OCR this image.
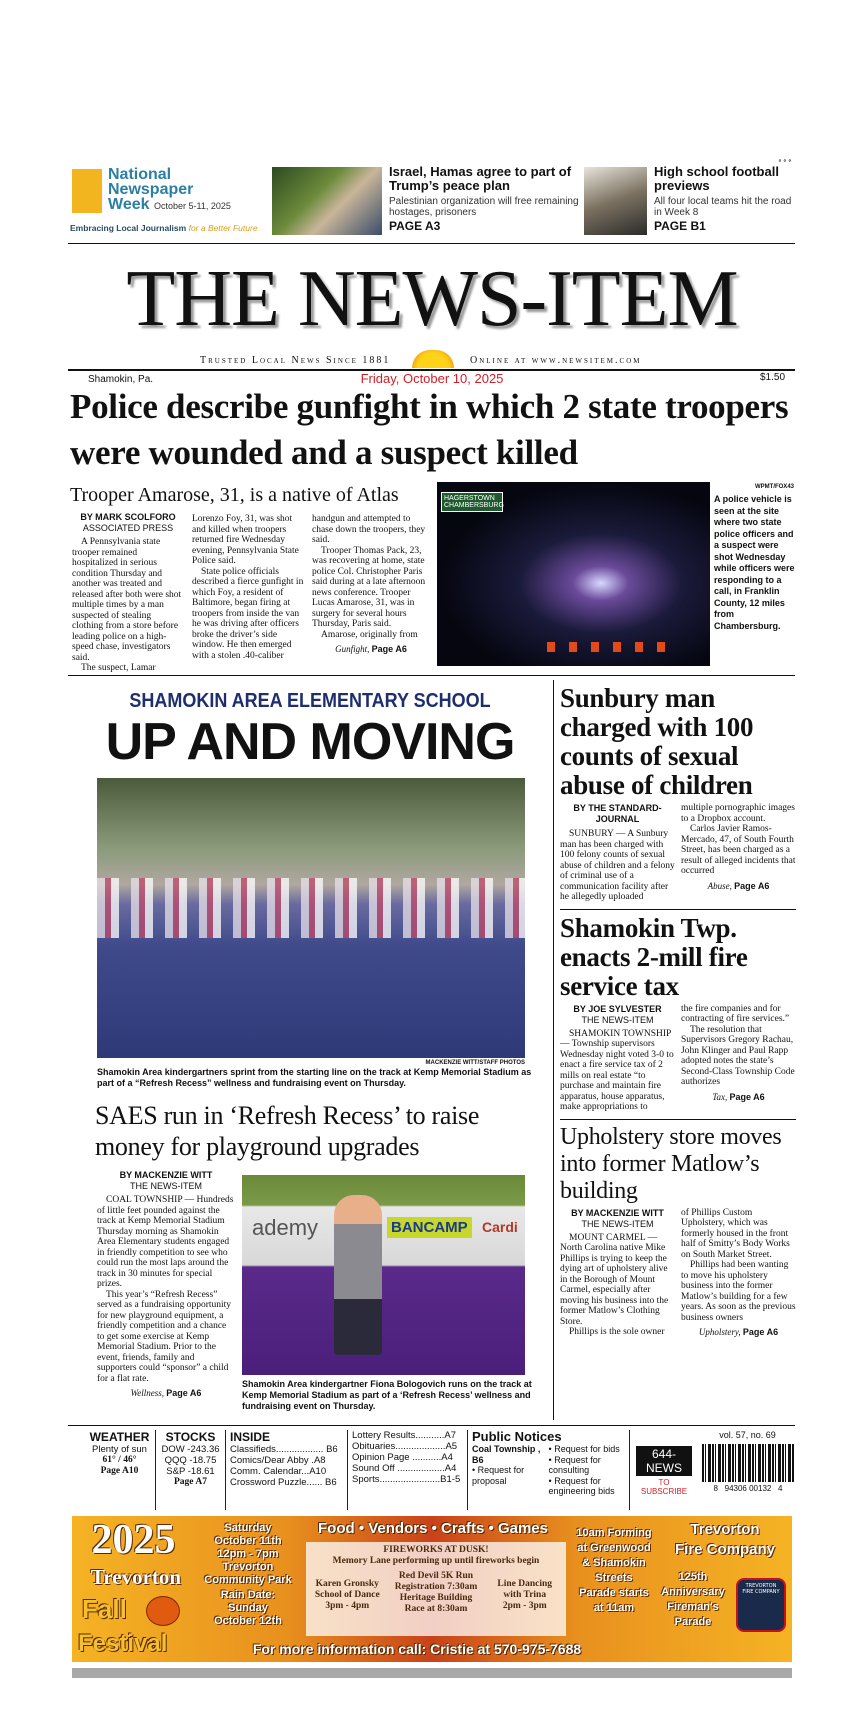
National
Newspaper
Week October 5-11, 2025
Embracing Local Journalism for a Better Future
Israel, Hamas agree to part of Trump’s peace plan
Palestinian organization will free remaining hostages, prisoners
PAGE A3
High school football previews
All four local teams hit the road in Week 8
PAGE B1
∘∘∘
THE NEWS-ITEM
Trusted Local News Since 1881	Online at www.newsitem.com
Shamokin, Pa.	Friday, October 10, 2025	$1.50
Police describe gunfight in which 2 state troopers were wounded and a suspect killed
Trooper Amarose, 31, is a native of Atlas
BY MARK SCOLFORO
ASSOCIATED PRESS

A Pennsylvania state trooper remained hospitalized in serious condition Thursday and another was treated and released after both were shot multiple times by a man suspected of stealing clothing from a store before leading police on a high-speed chase, investigators said.

The suspect, Lamar

Lorenzo Foy, 31, was shot and killed when troopers returned fire Wednesday evening, Pennsylvania State Police said.

State police officials described a fierce gunfight in which Foy, a resident of Baltimore, began firing at troopers from inside the van he was driving after officers broke the driver’s side window. He then emerged with a stolen .40-caliber

handgun and attempted to chase down the troopers, they said.

Trooper Thomas Pack, 23, was recovering at home, state police Col. Christopher Paris said during at a late afternoon news conference. Trooper Lucas Amarose, 31, was in surgery for several hours Thursday, Paris said.

Amarose, originally from

Gunfight, Page A6
HAGERSTOWN CHAMBERSBURG
WPMT/FOX43
A police vehicle is seen at the site where two state police officers and a suspect were shot Wednesday while officers were responding to a call, in Franklin County, 12 miles from Chambersburg.
SHAMOKIN AREA ELEMENTARY SCHOOL
UP AND MOVING
MACKENZIE WITT/STAFF PHOTOS
Shamokin Area kindergartners sprint from the starting line on the track at Kemp Memorial Stadium as part of a “Refresh Recess” wellness and fundraising event on Thursday.
SAES run in ‘Refresh Recess’ to raise money for playground upgrades
BY MACKENZIE WITT
THE NEWS-ITEM

COAL TOWNSHIP — Hundreds of little feet pounded against the track at Kemp Memorial Stadium Thursday morning as Shamokin Area Elementary students engaged in friendly competition to see who could run the most laps around the track in 30 minutes for special prizes.

This year’s “Refresh Recess” served as a fundraising opportunity for new playground equipment, a friendly competition and a chance to get some exercise at Kemp Memorial Stadium. Prior to the event, friends, family and supporters could “sponsor” a child for a flat rate.

Wellness, Page A6
ademy	BANCAMP Cardi
Shamokin Area kindergartner Fiona Bologovich runs on the track at Kemp Memorial Stadium as part of a ‘Refresh Recess’ wellness and fundraising event on Thursday.
Sunbury man charged with 100 counts of sexual abuse of children
BY THE STANDARD-JOURNAL

SUNBURY — A Sunbury man has been charged with 100 felony counts of sexual abuse of children and a felony of criminal use of a communication facility after he allegedly uploaded

multiple pornographic images to a Dropbox account.

Carlos Javier Ramos-Mercado, 47, of South Fourth Street, has been charged as a result of alleged incidents that occurred

Abuse, Page A6
Shamokin Twp. enacts 2-mill fire service tax
BY JOE SYLVESTER
THE NEWS-ITEM

SHAMOKIN TOWNSHIP — Township supervisors Wednesday night voted 3-0 to enact a fire service tax of 2 mills on real estate “to purchase and maintain fire apparatus, house apparatus, make appropriations to

the fire companies and for contracting of fire services.”

The resolution that Supervisors Gregory Rachau, John Klinger and Paul Rapp adopted notes the state’s Second-Class Township Code authorizes

Tax, Page A6
Upholstery store moves into former Matlow’s building
BY MACKENZIE WITT
THE NEWS-ITEM

MOUNT CARMEL — North Carolina native Mike Phillips is trying to keep the dying art of upholstery alive in the Borough of Mount Carmel, especially after moving his business into the former Matlow’s Clothing Store.

Phillips is the sole owner

of Phillips Custom Upholstery, which was formerly housed in the front half of Smitty’s Body Works on South Market Street.

Phillips had been wanting to move his upholstery business into the former Matlow’s building for a few years. As soon as the previous business owners

Upholstery, Page A6
WEATHER
Plenty of sun
61° / 46°
Page A10
STOCKS
DOW -243.36
QQQ -18.75
S&P -18.61
Page A7
INSIDE
Classifieds.................. B6
Comics/Dear Abby .A8
Comm. Calendar...A10
Crossword Puzzle...... B6
Lottery Results...........A7
Obituaries...................A5
Opinion Page ...........A4
Sound Off ..................A4
Sports.......................B1-5
Public Notices
Coal Township , B6
• Request for proposal
• Request for bids
• Request for consulting
• Request for engineering bids
644-NEWS
TO SUBSCRIBE
vol. 57, no. 69
8   94306 00132   4
2025
Trevorton
Fall
Festival
Saturday
October 11th
12pm - 7pm
Trevorton
Community Park
Rain Date:
Sunday
October 12th
Food • Vendors • Crafts • Games
FIREWORKS AT DUSK!
Memory Lane performing up until fireworks begin
Karen Gronsky
School of Dance
3pm - 4pm
Red Devil 5K Run
Registration 7:30am
Heritage Building
Race at 8:30am
Line Dancing
with Trina
2pm - 3pm
10am Forming
at Greenwood
& Shamokin
Streets
Parade starts
at 11am
Trevorton
Fire Company
125th
Anniversary
Fireman's
Parade
TREVORTON FIRE COMPANY
For more information call: Cristie at 570-975-7688
